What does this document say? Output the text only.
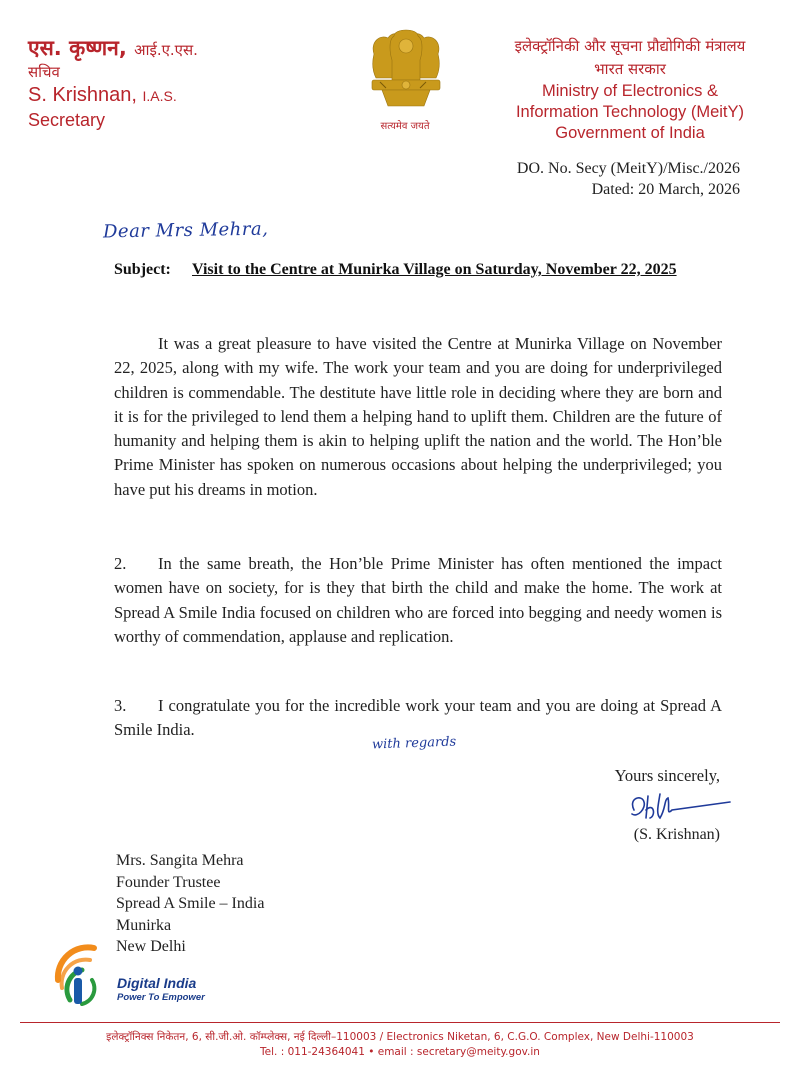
एस. कृष्णन, आई.ए.एस.
सचिव
S. Krishnan, I.A.S.
Secretary	सत्यमेव जयते
इलेक्ट्रॉनिकी और सूचना प्रौद्योगिकी मंत्रालय
भारत सरकार
Ministry of Electronics &
Information Technology (MeitY)
Government of India
DO. No. Secy (MeitY)/Misc./2026
Dated: 20 March, 2026
Dear Mrs Mehra,
Subject: Visit to the Centre at Munirka Village on Saturday, November 22, 2025
It was a great pleasure to have visited the Centre at Munirka Village on November 22, 2025, along with my wife. The work your team and you are doing for underprivileged children is commendable. The destitute have little role in deciding where they are born and it is for the privileged to lend them a helping hand to uplift them. Children are the future of humanity and helping them is akin to helping uplift the nation and the world. The Hon’ble Prime Minister has spoken on numerous occasions about helping the underprivileged; you have put his dreams in motion.
2. In the same breath, the Hon’ble Prime Minister has often mentioned the impact women have on society, for is they that birth the child and make the home. The work at Spread A Smile India focused on children who are forced into begging and needy women is worthy of commendation, applause and replication.
3. I congratulate you for the incredible work your team and you are doing at Spread A Smile India.
with regards
Yours sincerely,
(S. Krishnan)
Mrs. Sangita Mehra
Founder Trustee
Spread A Smile – India
Munirka
New Delhi
Digital India
Power To Empower
इलेक्ट्रॉनिक्स निकेतन, 6, सी.जी.ओ. कॉम्प्लेक्स, नई दिल्ली–110003 / Electronics Niketan, 6, C.G.O. Complex, New Delhi-110003
Tel. : 011-24364041 • email : secretary@meity.gov.in
